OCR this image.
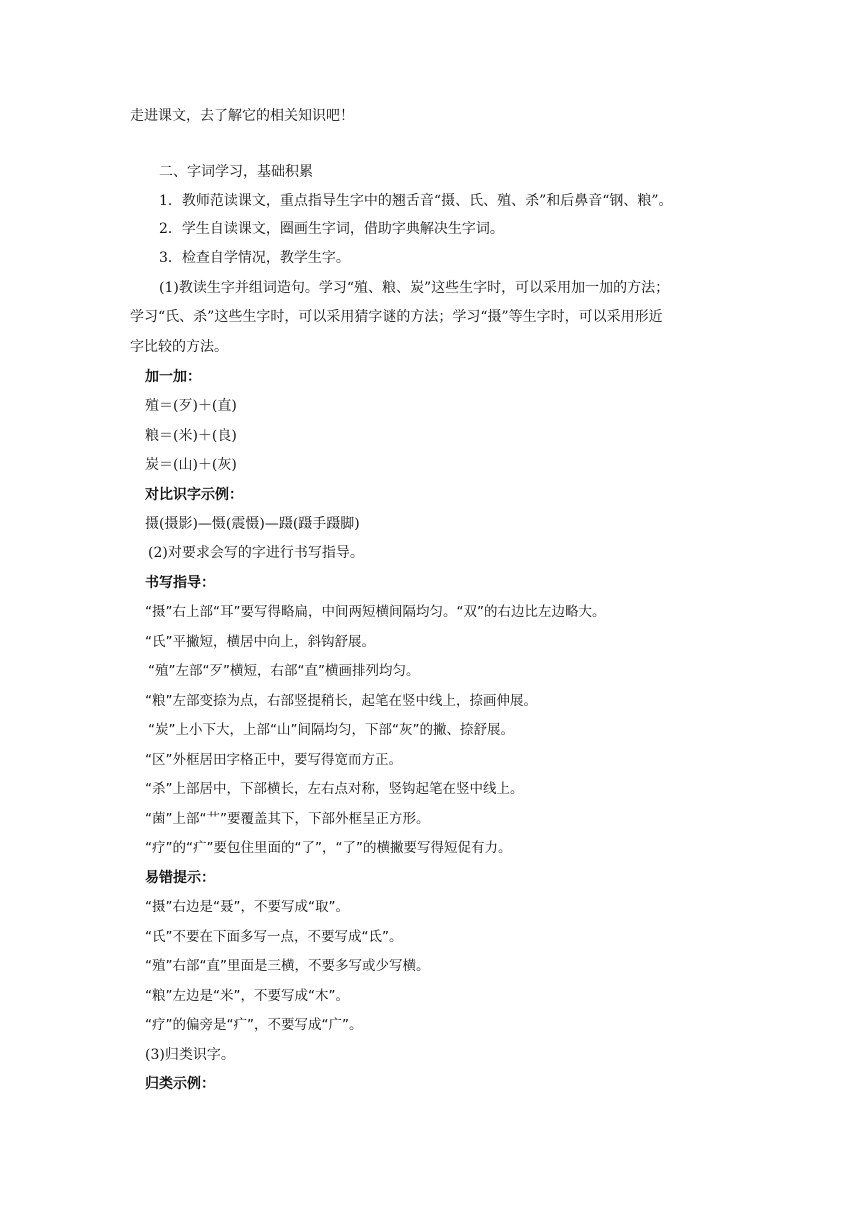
走进课文，去了解它的相关知识吧！
二、字词学习，基础积累
1．教师范读课文，重点指导生字中的翘舌音“摄、氏、殖、杀”和后鼻音“钢、粮”。
2．学生自读课文，圈画生字词，借助字典解决生字词。
3．检查自学情况，教学生字。
(1)教读生字并组词造句。学习“殖、粮、炭”这些生字时，可以采用加一加的方法；
学习“氏、杀”这些生字时，可以采用猜字谜的方法；学习“摄”等生字时，可以采用形近
字比较的方法。
加一加：
殖＝(歹)＋(直)
粮＝(米)＋(良)
炭＝(山)＋(灰)
对比识字示例：
摄(摄影)—慑(震慑)—蹑(蹑手蹑脚)
(2)对要求会写的字进行书写指导。
书写指导：
“摄”右上部“耳”要写得略扁，中间两短横间隔均匀。“双”的右边比左边略大。
“氏”平撇短，横居中向上，斜钩舒展。
“殖”左部“歹”横短，右部“直”横画排列均匀。
“粮”左部变捺为点，右部竖提稍长，起笔在竖中线上，捺画伸展。
“炭”上小下大，上部“山”间隔均匀，下部“灰”的撇、捺舒展。
“区”外框居田字格正中，要写得宽而方正。
“杀”上部居中，下部横长，左右点对称，竖钩起笔在竖中线上。
“菌”上部“艹”要覆盖其下，下部外框呈正方形。
“疗”的“疒”要包住里面的“了”，“了”的横撇要写得短促有力。
易错提示：
“摄”右边是“聂”，不要写成“取”。
“氏”不要在下面多写一点，不要写成“氐”。
“殖”右部“直”里面是三横，不要多写或少写横。
“粮”左边是“米”，不要写成“木”。
“疗”的偏旁是“疒”，不要写成“广”。
(3)归类识字。
归类示例：
